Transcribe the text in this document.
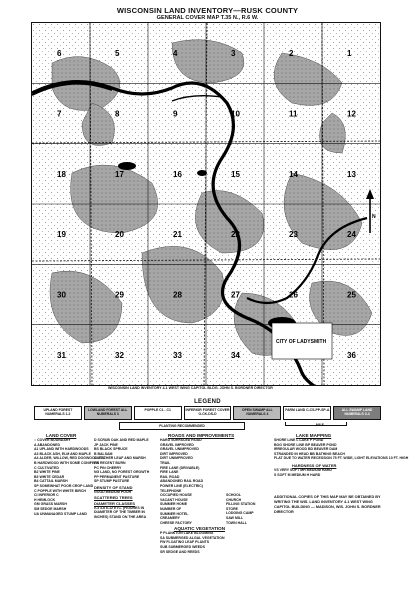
WISCONSIN LAND INVENTORY—RUSK COUNTY
GENERAL COVER MAP T.35 N., R.6 W.
6	5	4	3	2	1
7	8	9	10	11	12
18	17	16	15	14	13
19	20	21	22	23	24
30	29	28	27	26	25
31	32	33	34	36
CITY OF LADYSMITH
N
WISCONSIN LAND INVENTORY 4-1 WEST WING CAPITOL BLDG. JOHN S. BORDNER DIRECTOR
LEGEND
UPLAND FOREST NUMERALS 1-2
LOWLAND FOREST ALL NUMERALS 3
POPPLE C1 - C1	INFERIOR FOREST COVER O-CK-DS-D
OPEN SWAMP ALL NUMERALS 4
FARM LAND C-CS-PP-SP-A	ALL SWAMP LAND NUMERALS 3-4
PLANTING RECOMMENDED	MILE
LAND COVER
○ COVER BOUNDARY
A ABANDONED
A1 UPLAND WITH HARDWOODS
A3 BLACK ASH, ELM AND MAPLE
A4 ALDER, WILLOW, RED DOGWOOD ETC.
B HARDWOOD WITH SOME CONIFERS
C CULTIVATED
B2 WHITE PINE
B3 WHITE CEDAR
B4 CATTAIL MARSH
SP SOMEWHAT POOR CROP LAND
C POPPLE WITH WHITE BIRCH
CI INFERIOR C
H HEMLOCK
GM GRASS MARSH
SM SEDGE MARSH
UA UNMANAGED STUMP LAND
D SCRUB OAK AND RED MAPLE
JP JACK PINE
BS BLACK SPRUCE
B BALSAM
L LEATHER LEAF AND MARSH
RB RECENT BURN
PC PIN CHERRY
NG LAND, NO FOREST GROWTH
PP PERMANENT PASTURE
SP STUMP PASTURE
DENSITY OF STAND
GOOD MEDIUM POOR
SCATTERED TREES
DIAMETER CLASSES
0-3 3-6 6-12 ETC. (FIGURES IN DIAMETER OF THE TIMBER IN INCHES) STAND ON THE AREA
ROADS AND IMPROVEMENTS
HARD SURFACED ROAD
GRAVEL IMPROVED
GRAVEL UNIMPROVED
DIRT IMPROVED
DIRT UNIMPROVED
TRAIL
FIRE LANE (DRIVABLE)
FIRE LANE
RAIL ROAD
ABANDONED RAIL ROAD
POWER LINE (ELECTRIC)
TELEPHONE
OCCUPIED HOUSE
VACANT HOUSE
SUMMER HOME
NUMBER OF
SUMMER HOTEL
CREAMERY
CHEESE FACTORY
SCHOOL
CHURCH
FILLING STATION
STORE
LODGING CAMP
SAW MILL
TOWN HALL
AQUATIC VEGETATION
P PLANKTON LAKE BLOOMING
SA SUBMERGED ALGAL VEGETATION
FW FLOATING LEAF PLANTS
SUB SUBMERGED WEEDS
SR SEDGE AND REEDS
LAKE MAPPING
SHORE LINE L LAKE P POND
BOG SHORE LINE BP BEAVER POND
IRREGULAR WOOD BD BEAVER DAM
STRANDED IN HEAD BB BATHING BEACH
FLAT DUE TO WATER RECESSION 75 FT. WIDE, LIGHT ELEVATIONS 10 FT. HIGH
HARDNESS OF WATER
VS VERY SOFT MH MEDIUM HARD
S SOFT M MEDIUM H HARD
ADDITIONAL COPIES OF THIS MAP MAY BE OBTAINED BY WRITING THE WIS. LAND INVENTORY 4-1 WEST WING CAPITOL BUILDING — MADISON, WIS. JOHN S. BORDNER DIRECTOR
